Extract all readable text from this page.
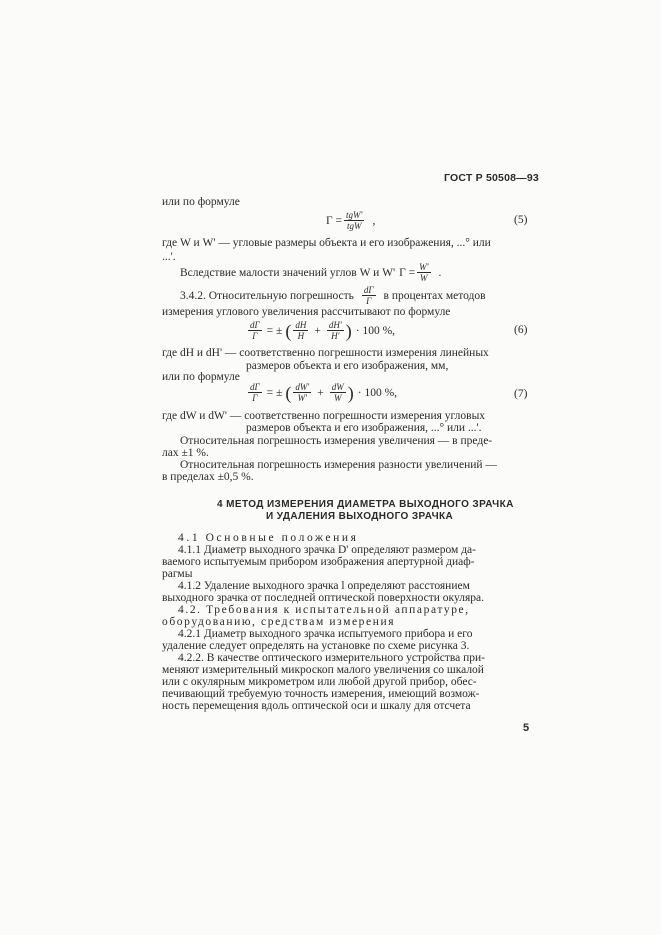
ГОСТ Р 50508—93
или по формуле
$\Gamma = \frac{\text{tgW'}}{\text{tgW}}$ ,	(5)
где W и W' — угловые размеры объекта и его изображения, ...° или ...'.
Вследствие малости значений углов W и W' $\Gamma = \frac{W'}{W}$ .
3.4.2. Относительную погрешность $\frac{d\Gamma}{\Gamma}$ в процентах методов
измерения углового увеличения рассчитывают по формуле
$\frac{d\Gamma}{\Gamma}$ = ± ( $\frac{dH}{H} + \frac{dH'}{H'}$ ) · 100 %,	(6)
где dH и dH' — соответственно погрешности измерения линейных
размеров объекта и его изображения, мм,
или по формуле
$\frac{d\Gamma}{\Gamma}$ = ± ( $\frac{dW'}{W'} + \frac{dW}{W}$ ) · 100 %,	(7)
где dW и dW' — соответственно погрешности измерения угловых
размеров объекта и его изображения, ...° или ...'.
Относительная погрешность измерения увеличения — в преде-
лах ±1 %.
Относительная погрешность измерения разности увеличений —
в пределах ±0,5 %.
4 МЕТОД ИЗМЕРЕНИЯ ДИАМЕТРА ВЫХОДНОГО ЗРАЧКА
И УДАЛЕНИЯ ВЫХОДНОГО ЗРАЧКА
4.1 Основные положения
4.1.1 Диаметр выходного зрачка D' определяют размером да-
ваемого испытуемым прибором изображения апертурной диаф-
рагмы
4.1.2 Удаление выходного зрачка l определяют расстоянием
выходного зрачка от последней оптической поверхности окуляра.
4.2. Требования к испытательной аппаратуре,
оборудованию, средствам измерения
4.2.1 Диаметр выходного зрачка испытуемого прибора и его
удаление следует определять на установке по схеме рисунка 3.
4.2.2. В качестве оптического измерительного устройства при-
меняют измерительный микроскоп малого увеличения со шкалой
или с окулярным микрометром или любой другой прибор, обес-
печивающий требуемую точность измерения, имеющий возмож-
ность перемещения вдоль оптической оси и шкалу для отсчета
5
